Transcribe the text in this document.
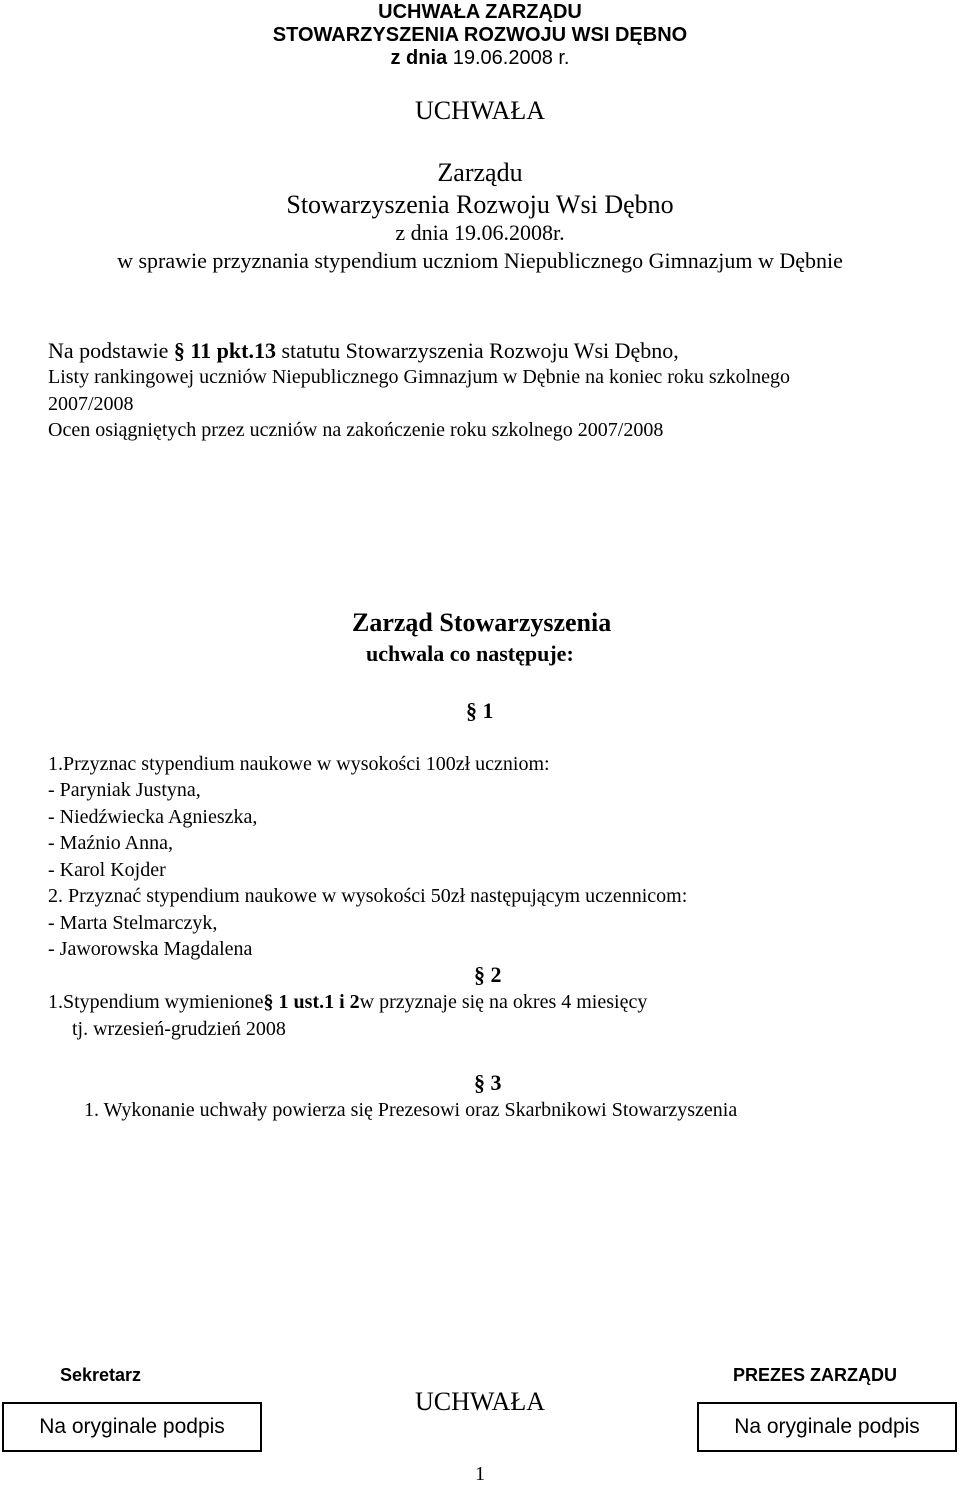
UCHWAŁA ZARZĄDU
STOWARZYSZENIA ROZWOJU WSI DĘBNO
z dnia 19.06.2008 r.
UCHWAŁA
Zarządu
Stowarzyszenia Rozwoju Wsi Dębno
z dnia 19.06.2008r.
w sprawie przyznania stypendium uczniom Niepublicznego Gimnazjum w Dębnie
Na podstawie § 11 pkt.13 statutu Stowarzyszenia Rozwoju Wsi Dębno,
Listy rankingowej uczniów Niepublicznego Gimnazjum w Dębnie na koniec roku szkolnego
2007/2008
Ocen osiągniętych przez uczniów na zakończenie roku szkolnego 2007/2008
Zarząd Stowarzyszenia
uchwala co następuje:
§ 1
1.Przyznac stypendium naukowe w wysokości 100zł uczniom:
- Paryniak Justyna,
- Niedźwiecka Agnieszka,
- Maźnio Anna,
- Karol Kojder
2. Przyznać stypendium naukowe w wysokości 50zł następującym uczennicom:
- Marta Stelmarczyk,
- Jaworowska Magdalena
§ 2
1.Stypendium wymienione§ 1 ust.1 i 2w przyznaje się na okres 4 miesięcy
tj. wrzesień-grudzień 2008
§ 3
1. Wykonanie uchwały powierza się Prezesowi oraz Skarbnikowi Stowarzyszenia
Sekretarz
Na oryginale podpis
UCHWAŁA
PREZES ZARZĄDU
Na oryginale podpis
1
